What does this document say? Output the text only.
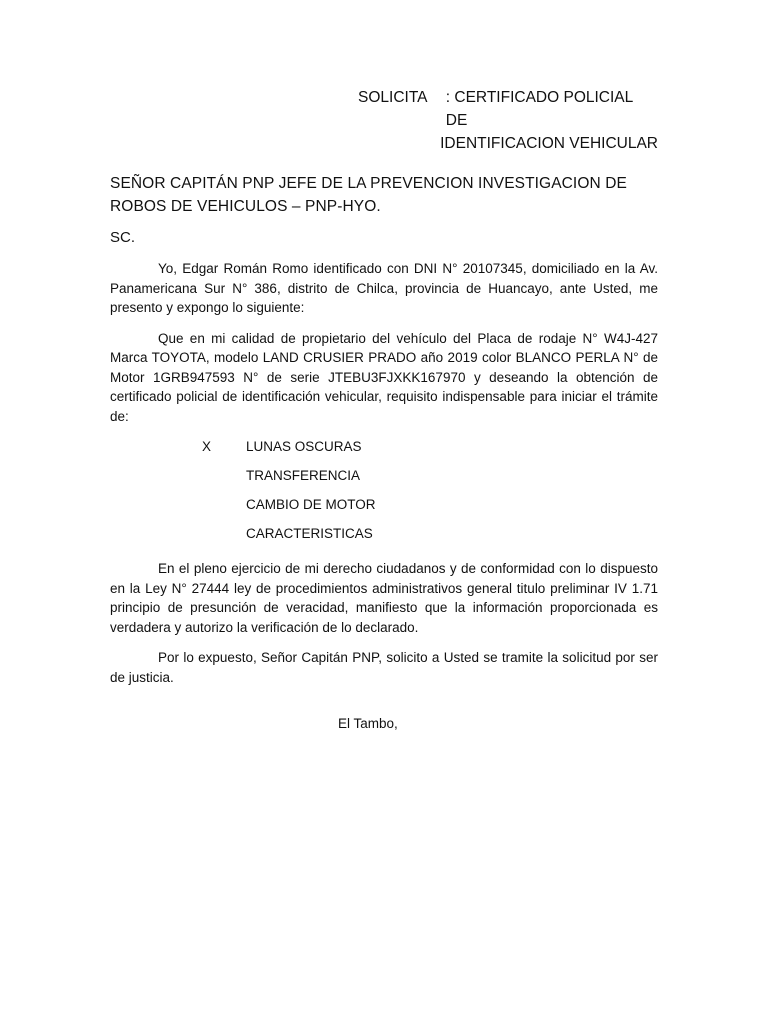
SOLICITA	: CERTIFICADO POLICIAL DE
IDENTIFICACION VEHICULAR
SEÑOR CAPITÁN PNP JEFE DE LA PREVENCION INVESTIGACION DE ROBOS DE VEHICULOS – PNP-HYO.
SC.

Yo, Edgar Román Romo identificado con DNI N° 20107345, domiciliado en la Av. Panamericana Sur N° 386, distrito de Chilca, provincia de Huancayo, ante Usted, me presento y expongo lo siguiente:

Que en mi calidad de propietario del vehículo del Placa de rodaje N° W4J-427 Marca TOYOTA, modelo LAND CRUSIER PRADO año 2019 color BLANCO PERLA N° de Motor 1GRB947593 N° de serie JTEBU3FJXKK167970 y deseando la obtención de certificado policial de identificación vehicular, requisito indispensable para iniciar el trámite de:

X	LUNAS OSCURAS
TRANSFERENCIA
CAMBIO DE MOTOR
CARACTERISTICAS

En el pleno ejercicio de mi derecho ciudadanos y de conformidad con lo dispuesto en la Ley N° 27444 ley de procedimientos administrativos general titulo preliminar IV 1.71 principio de presunción de veracidad, manifiesto que la información proporcionada es verdadera y autorizo la verificación de lo declarado.

Por lo expuesto, Señor Capitán PNP, solicito a Usted se tramite la solicitud por ser de justicia.

El Tambo,
